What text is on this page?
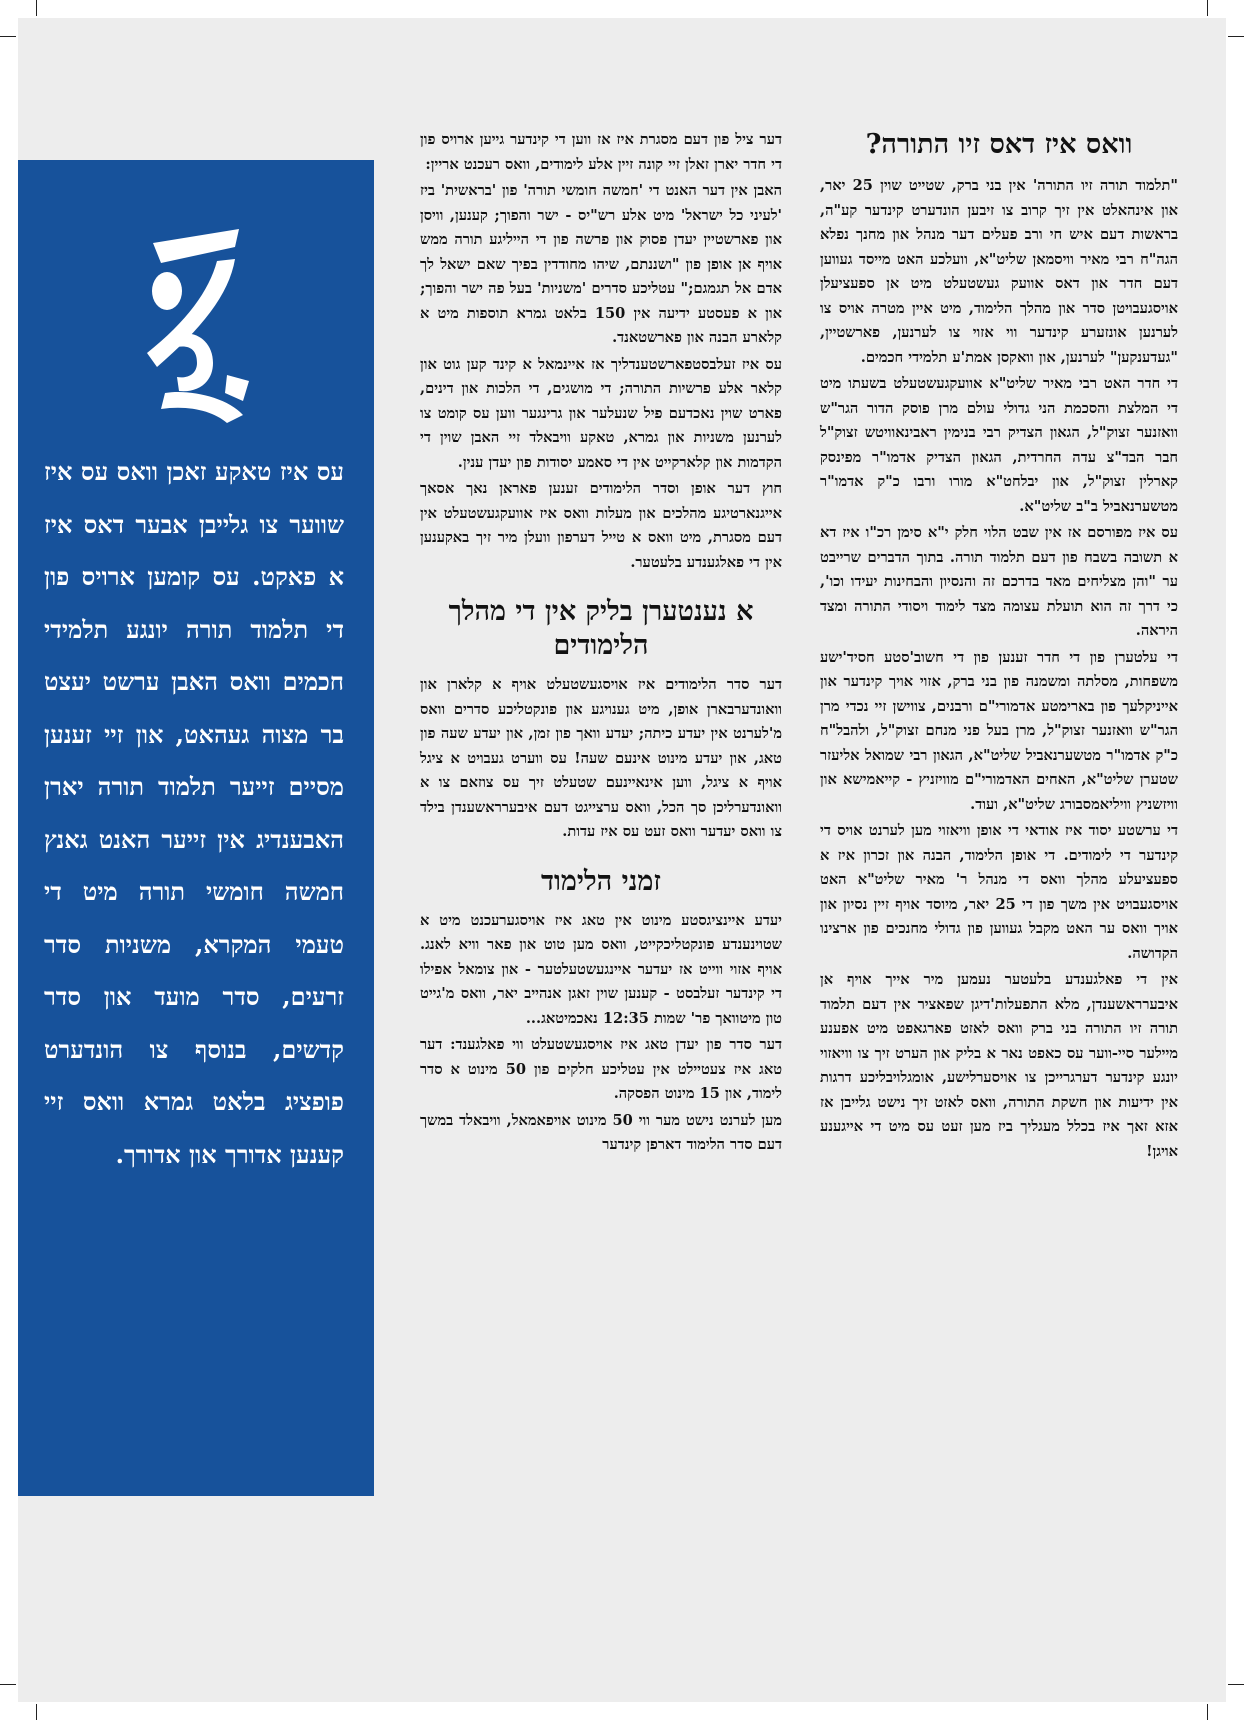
עס איז טאקע זאכן וואס עס איז שווער צו גלייבן אבער דאס איז א פאקט. עס קומען ארויס פון די תלמוד תורה יונגע תלמידי חכמים וואס האבן ערשט יעצט בר מצוה געהאט, און זיי זענען מסיים זייער תלמוד תורה יארן האבענדיג אין זייער האנט גאנץ חמשה חומשי תורה מיט די טעמי המקרא, משניות סדר זרעים, סדר מועד און סדר קדשים, בנוסף צו הונדערט פופציג בלאט גמרא וואס זיי קענען אדורך און אדורך.
וואס איז דאס זיו התורה?

"תלמוד תורה זיו התורה' אין בני ברק, שטייט שוין 25 יאר, און אינהאלט אין זיך קרוב צו זיבען הונדערט קינדער קע"ה, בראשות דעם איש חי ורב פעלים דער מנהל און מחנך נפלא הגה"ח רבי מאיר וויסמאן שליט"א, וועלכע האט מייסד געווען דעם חדר און דאס אוועק געשטעלט מיט אן ספעציעלן אויסגעבויטן סדר און מהלך הלימוד, מיט איין מטרה אויס צו לערנען אונזערע קינדער ווי אזוי צו לערנען, פארשטיין, "געדענקען" לערנען, און וואקסן אמת'ע תלמידי חכמים.

די חדר האט רבי מאיר שליט"א אוועקגעשטעלט בשעתו מיט די המלצת והסכמת הני גדולי עולם מרן פוסק הדור הגר"ש וואזנער זצוק"ל, הגאון הצדיק רבי בנימין ראבינאוויטש זצוק"ל חבר הבד"צ עדה החרדית, הגאון הצדיק אדמו"ר מפינסק קארלין זצוק"ל, און יבלחט"א מורו ורבו כ"ק אדמו"ר מטשערנאביל ב"ב שליט"א.

עס איז מפורסם אז אין שבט הלוי חלק י"א סימן רכ"ו איז דא א תשובה בשבח פון דעם תלמוד תורה. בתוך הדברים שרייבט ער "והן מצליחים מאד בדרכם זה והנסיון והבחינות יעידו וכו', כי דרך זה הוא תועלת עצומה מצד לימוד ויסודי התורה ומצד היראה.

די עלטערן פון די חדר זענען פון די חשוב'סטע חסיד'ישע משפחות, מסלתה ומשמנה פון בני ברק, אזוי אויך קינדער און אייניקלעך פון בארימטע אדמורי"ם ורבנים, צווישן זיי נכדי מרן הגר"ש וואזנער זצוק"ל, מרן בעל פני מנחם זצוק"ל, ולהבל"ח כ"ק אדמו"ר מטשערנאביל שליט"א, הגאון רבי שמואל אליעזר שטערן שליט"א, האחים האדמורי"ם מוויזניץ - קייאמישא און וויזשניץ וויליאמסבורג שליט"א, ועוד.

די ערשטע יסוד איז אודאי די אופן וויאזוי מען לערנט אויס די קינדער די לימודים. די אופן הלימוד, הבנה און זכרון איז א ספעציעלע מהלך וואס די מנהל ר' מאיר שליט"א האט אויסגעבויט אין משך פון די 25 יאר, מיוסד אויף זיין נסיון און אויך וואס ער האט מקבל געווען פון גדולי מחנכים פון ארצינו הקדושה.

אין די פאלגענדע בלעטער נעמען מיר אייך אויף אן איבערראשענדן, מלא התפעלות'דיגן שפאציר אין דעם תלמוד תורה זיו התורה בני ברק וואס לאזט פארגאפט מיט אפענע מיילער סיי-ווער עס כאפט נאר א בליק און הערט זיך צו וויאזוי יונגע קינדער דערגרייכן צו אויסערלישע, אומגלויבליכע דרגות אין ידיעות און חשקת התורה, וואס לאזט זיך נישט גלייבן אז אזא זאך איז בכלל מעגליך ביז מען זעט עס מיט די אייגענע אויגן!

דער ציל פון דעם מסגרת איז אז ווען די קינדער גייען ארויס פון די חדר יארן זאלן זיי קונה זיין אלע לימודים, וואס רעכנט אריין:

האבן אין דער האנט די 'חמשה חומשי תורה' פון 'בראשית' ביז 'לעיני כל ישראל' מיט אלע רש"יס - ישר והפוך; קענען, וויסן און פארשטיין יעדן פסוק און פרשה פון די הייליגע תורה ממש אויף אן אופן פון "ושננתם, שיהו מחודדין בפיך שאם ישאל לך אדם אל תגמגם;" עטליכע סדרים 'משניות' בעל פה ישר והפוך; און א פעסטע ידיעה אין 150 בלאט גמרא תוספות מיט א קלארע הבנה און פארשטאנד.

עס איז זעלבסטפארשטענדליך אז איינמאל א קינד קען גוט און קלאר אלע פרשיות התורה; די מושגים, די הלכות און דינים, פארט שוין נאכדעם פיל שנעלער און גרינגער ווען עס קומט צו לערנען משניות און גמרא, טאקע וויבאלד זיי האבן שוין די הקדמות און קלארקייט אין די סאמע יסודות פון יעדן ענין.

חוץ דער אופן וסדר הלימודים זענען פאראן נאך אסאך אייגנארטיגע מהלכים און מעלות וואס איז אוועקגעשטעלט אין דעם מסגרת, מיט וואס א טייל דערפון וועלן מיר זיך באקענען אין די פאלגענדע בלעטער.

א נענטערן בליק אין די מהלך הלימודים

דער סדר הלימודים איז אויסגעשטעלט אויף א קלארן און וואונדערבארן אופן, מיט גענויגע און פונקטליכע סדרים וואס מ'לערנט אין יעדע כיתה; יעדע וואך פון זמן, און יעדע שעה פון טאג, און יעדע מינוט אינעם שעה! עס ווערט געבויט א ציגל אויף א ציגל, ווען אינאיינעם שטעלט זיך עס צוזאם צו א וואונדערליכן סך הכל, וואס ערצייגט דעם איבערראשענדן בילד צו וואס יעדער וואס זעט עס איז עדות.

זמני הלימוד

יעדע איינציגסטע מינוט אין טאג איז אויסגערעכנט מיט א שטוינענדע פונקטליכקייט, וואס מען טוט און פאר וויא לאנג. אויף אזוי ווייט אז יעדער איינגעשטעלטער - און צומאל אפילו די קינדער זעלבסט - קענען שוין זאגן אנהייב יאר, וואס מ'גייט טון מיטוואך פר' שמות 12:35 נאכמיטאג...

דער סדר פון יעדן טאג איז אויסגעשטעלט ווי פאלגענד: דער טאג איז צעטיילט אין עטליכע חלקים פון 50 מינוט א סדר לימוד, און 15 מינוט הפסקה.

מען לערנט נישט מער ווי 50 מינוט אויפאמאל, וויבאלד במשך דעם סדר הלימוד דארפן קינדער
